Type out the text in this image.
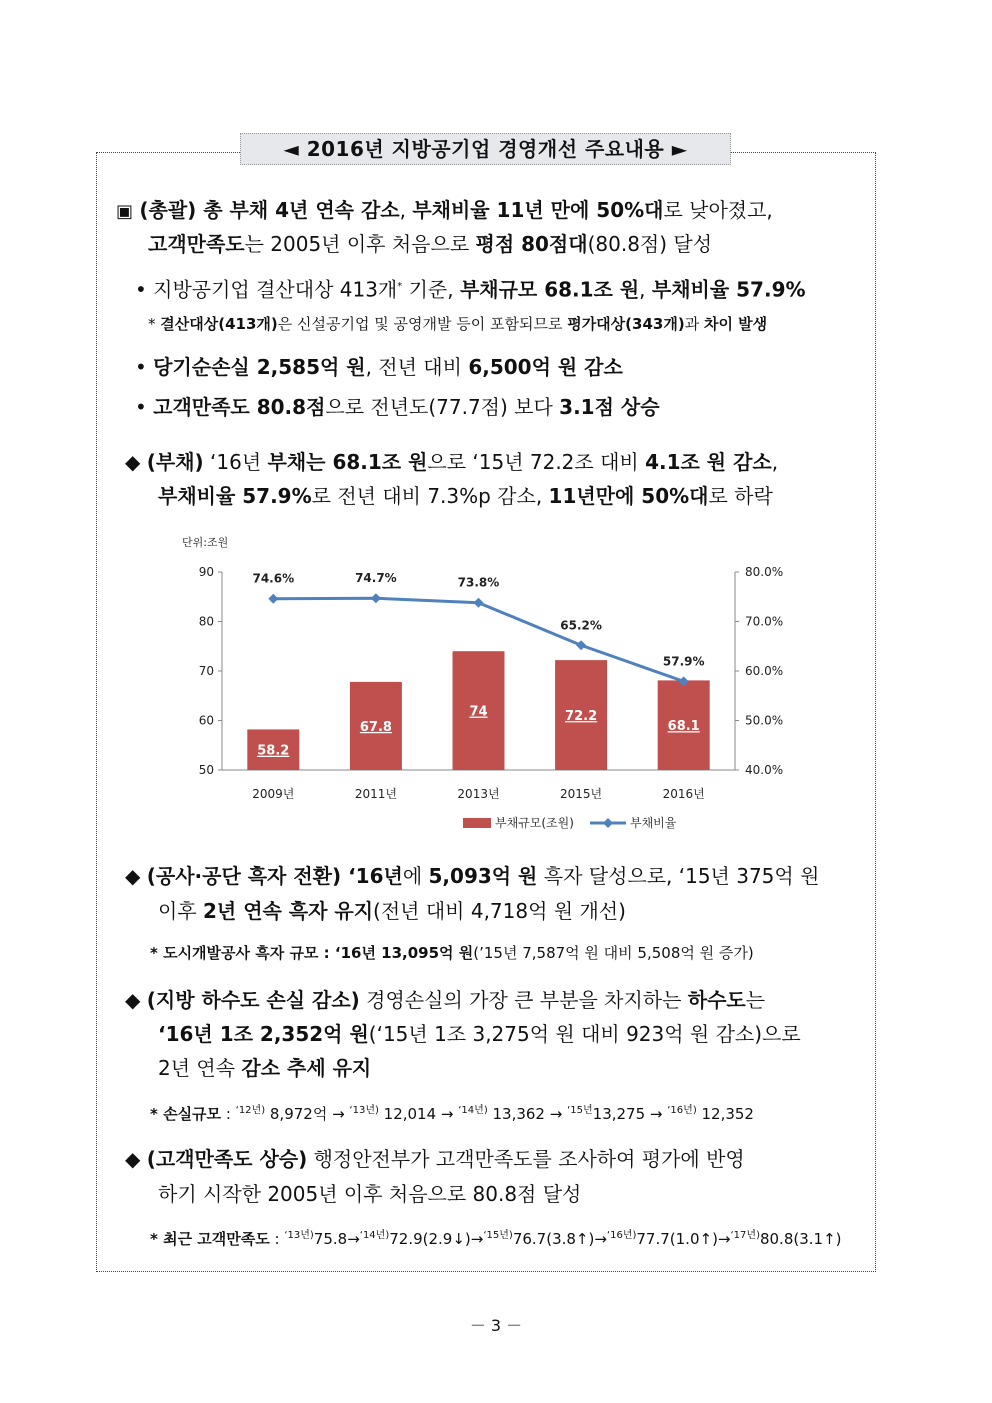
◄ 2016년 지방공기업 경영개선 주요내용 ►
▣ (총괄) 총 부채 4년 연속 감소, 부채비율 11년 만에 50%대로 낮아졌고,
고객만족도는 2005년 이후 처음으로 평점 80점대(80.8점) 달성
• 지방공기업 결산대상 413개* 기준, 부채규모 68.1조 원, 부채비율 57.9%
* 결산대상(413개)은 신설공기업 및 공영개발 등이 포함되므로 평가대상(343개)과 차이 발생
• 당기순손실 2,585억 원, 전년 대비 6,500억 원 감소
• 고객만족도 80.8점으로 전년도(77.7점) 보다 3.1점 상승
◆ (부채) ‘16년 부채는 68.1조 원으로 ‘15년 72.2조 대비 4.1조 원 감소,
부채비율 57.9%로 전년 대비 7.3%p 감소, 11년만에 50%대로 하락
단위:조원
50
60
70
80
90
40.0%
50.0%
60.0%
70.0%
80.0%
58.2
67.8
74	72.2
68.1
2009년	2011년	2013년	2015년	2016년
74.6%	74.7%	73.8%
65.2%
57.9%
부채규모(조원)	부채비율
◆ (공사·공단 흑자 전환) ‘16년에 5,093억 원 흑자 달성으로, ‘15년 375억 원
이후 2년 연속 흑자 유지(전년 대비 4,718억 원 개선)
* 도시개발공사 흑자 규모 : ‘16년 13,095억 원(’15년 7,587억 원 대비 5,508억 원 증가)
◆ (지방 하수도 손실 감소) 경영손실의 가장 큰 부분을 차지하는 하수도는
‘16년 1조 2,352억 원(‘15년 1조 3,275억 원 대비 923억 원 감소)으로
2년 연속 감소 추세 유지
* 손실규모 : $^{‘12년)}$ 8,972억 → $^{‘13년)}$ 12,014 → $^{‘14년)}$ 13,362 → $^{‘15년}$13,275 → $^{‘16년)}$ 12,352
◆ (고객만족도 상승) 행정안전부가 고객만족도를 조사하여 평가에 반영
하기 시작한 2005년 이후 처음으로 80.8점 달성
* 최근 고객만족도 : $^{‘13년)}$75.8→$^{‘14년)}$72.9(2.9↓)→$^{‘15년)}$76.7(3.8↑)→$^{‘16년)}$77.7(1.0↑)→$^{‘17년)}$80.8(3.1↑)
－ 3 －
